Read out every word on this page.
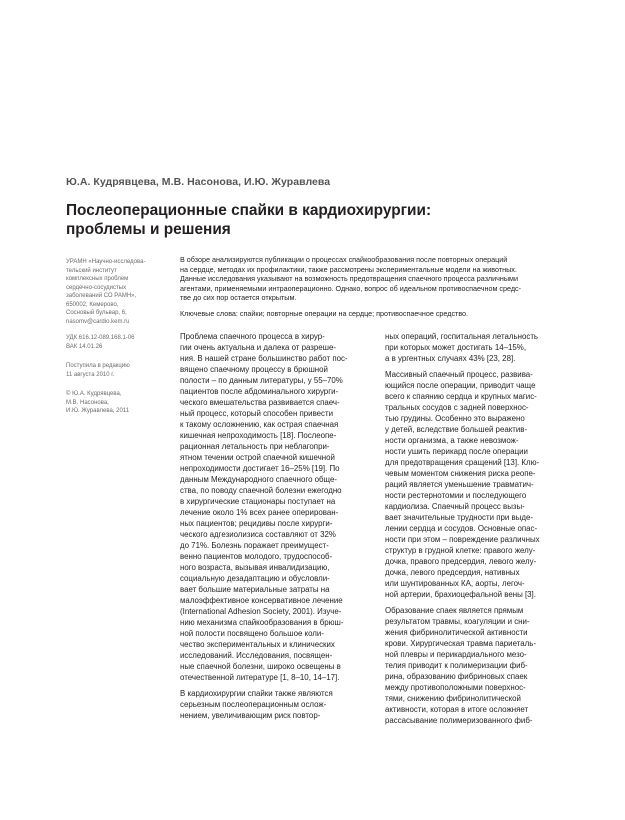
Ю.А. Кудрявцева, М.В. Насонова, И.Ю. Журавлева
Послеоперационные спайки в кардиохирургии:
проблемы и решения
УРАМН «Научно-исследова-
тельский институт
комплексных проблем
сердечно-сосудистых
заболеваний СО РАМН»,
650002, Кемерово,
Сосновый бульвар, 6,
nasomv@cardio.kem.ru
УДК 616.12-089.168.1-06
ВАК 14.01.26
Поступила в редакцию
11 августа 2010 г.
© Ю.А. Кудрявцева,
М.В. Насонова,
И.Ю. Журавлева, 2011
В обзоре анализируются публикации о процессах спайкообразования после повторных операций
на сердце, методах их профилактики, также рассмотрены экспериментальные модели на животных.
Данные исследования указывают на возможность предотвращения спаечного процесса различными
агентами, применяемыми интраоперационно. Однако, вопрос об идеальном противоспаечном средс-
тве до сих пор остается открытым.
Ключевые слова: спайки; повторные операции на сердце; противоспаечное средство.

Проблема спаечного процесса в хирур-
гии очень актуальна и далека от разреше-
ния. В нашей стране большинство работ пос-
вящено спаечному процессу в брюшной
полости – по данным литературы, у 55–70%
пациентов после абдоминального хирурги-
ческого вмешательства развивается спаеч-
ный процесс, который способен привести
к такому осложнению, как острая спаечная
кишечная непроходимость [18]. Послеопе-
рационная летальность при неблагопри-
ятном течении острой спаечной кишечной
непроходимости достигает 16–25% [19]. По
данным Международного спаечного обще-
ства, по поводу спаечной болезни ежегодно
в хирургические стационары поступает на
лечение около 1% всех ранее оперирован-
ных пациентов; рецидивы после хирурги-
ческого адгезиолизиса составляют от 32%
до 71%. Болезнь поражает преимущест-
венно пациентов молодого, трудоспособ-
ного возраста, вызывая инвалидизацию,
социальную дезадаптацию и обусловли-
вает большие материальные затраты на
малоэффективное консервативное лечение
(International Adhesion Society, 2001). Изуче-
нию механизма спайкообразования в брюш-
ной полости посвящено большое коли-
чество экспериментальных и клинических
исследований. Исследования, посвящен-
ные спаечной болезни, широко освещены в
отечественной литературе [1, 8–10, 14–17].

В кардиохирургии спайки также являются
серьезным послеоперационным ослож-
нением, увеличивающим риск повтор-

ных операций, госпитальная летальность
при которых может достигать 14–15%,
а в ургентных случаях 43% [23, 28].

Массивный спаечный процесс, развива-
ющийся после операции, приводит чаще
всего к спаянию сердца и крупных магис-
тральных сосудов с задней поверхнос-
тью грудины. Особенно это выражено
у детей, вследствие большей реактив-
ности организма, а также невозмож-
ности ушить перикард после операции
для предотвращения сращений [13]. Клю-
чевым моментом снижения риска реопе-
раций является уменьшение травматич-
ности рестернотомии и последующего
кардиолиза. Спаечный процесс вызы-
вает значительные трудности при выде-
лении сердца и сосудов. Основные опас-
ности при этом – повреждение различных
структур в грудной клетке: правого желу-
дочка, правого предсердия, левого желу-
дочка, левого предсердия, нативных
или шунтированных КА, аорты, легоч-
ной артерии, брахиоцефальной вены [3].

Образование спаек является прямым
результатом травмы, коагуляции и сни-
жения фибринолитической активности
крови. Хирургическая травма париеталь-
ной плевры и перикардиального мезо-
телия приводит к полимеризации фиб-
рина, образованию фибриновых спаек
между противоположными поверхнос-
тями, снижению фибринолитической
активности, которая в итоге осложняет
рассасывание полимеризованного фиб-
